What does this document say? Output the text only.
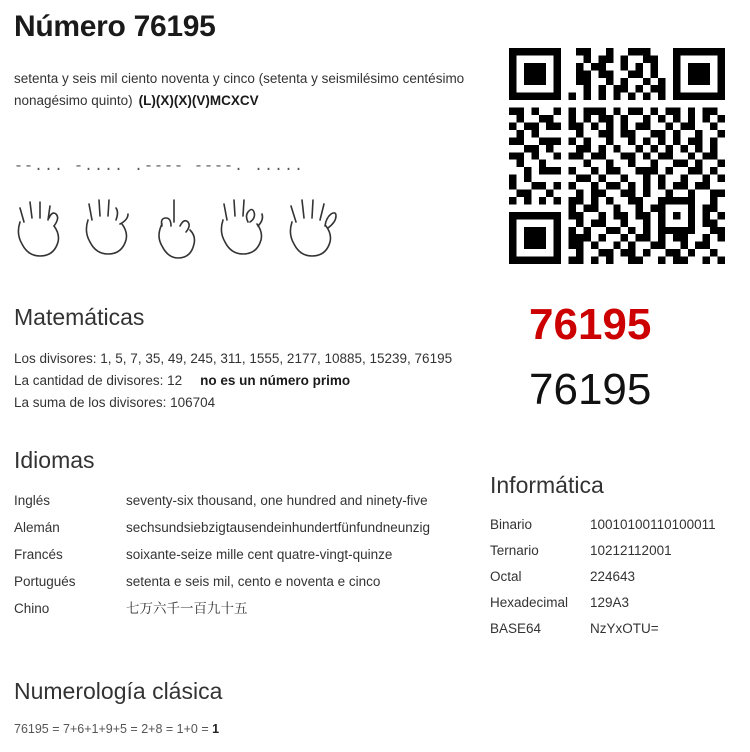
Número 76195
setenta y seis mil ciento noventa y cinco (setenta y seismilésimo centésimo nonagésimo quinto) (L)(X)(X)(V)MCXCV
--... -.... .---- ----. .....
76195
76195
Matemáticas
Los divisores: 1, 5, 7, 35, 49, 245, 311, 1555, 2177, 10885, 15239, 76195
La cantidad de divisores: 12 no es un número primo
La suma de los divisores: 106704
Idiomas
Inglés	seventy-six thousand, one hundred and ninety-five
Alemán	sechsundsiebzigtausendeinhundertfünfundneunzig
Francés	soixante-seize mille cent quatre-vingt-quinze
Portugués	setenta e seis mil, cento e noventa e cinco
Chino	七万六千一百九十五
Informática
Binario	10010100110100011
Ternario	10212112001
Octal	224643
Hexadecimal	129A3
BASE64	NzYxOTU=
Numerología clásica
76195 = 7+6+1+9+5 = 2+8 = 1+0 = 1
